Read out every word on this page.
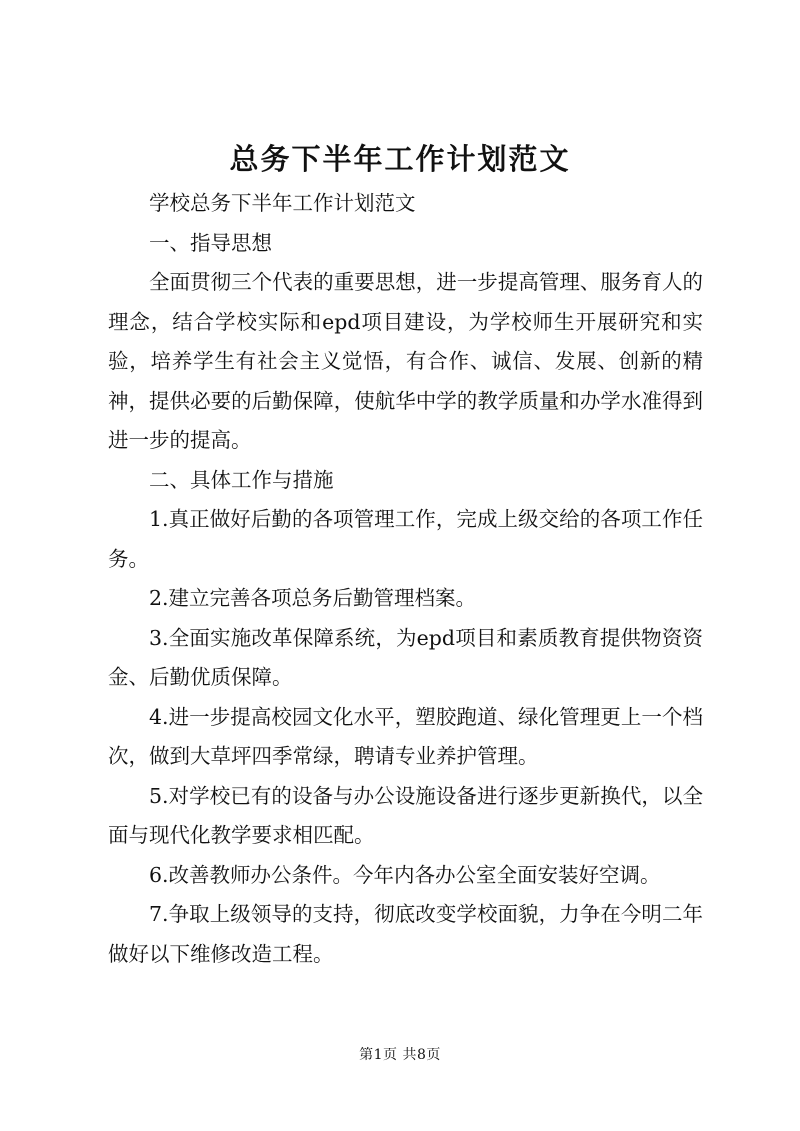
总务下半年工作计划范文

学校总务下半年工作计划范文

一、指导思想

全面贯彻三个代表的重要思想，进一步提高管理、服务育人的理念，结合学校实际和epd项目建设，为学校师生开展研究和实验，培养学生有社会主义觉悟，有合作、诚信、发展、创新的精神，提供必要的后勤保障，使航华中学的教学质量和办学水准得到进一步的提高。

二、具体工作与措施

1.真正做好后勤的各项管理工作，完成上级交给的各项工作任务。

2.建立完善各项总务后勤管理档案。

3.全面实施改革保障系统，为epd项目和素质教育提供物资资金、后勤优质保障。

4.进一步提高校园文化水平，塑胶跑道、绿化管理更上一个档次，做到大草坪四季常绿，聘请专业养护管理。

5.对学校已有的设备与办公设施设备进行逐步更新换代，以全面与现代化教学要求相匹配。

6.改善教师办公条件。今年内各办公室全面安装好空调。

7.争取上级领导的支持，彻底改变学校面貌，力争在今明二年做好以下维修改造工程。

第1页 共8页
